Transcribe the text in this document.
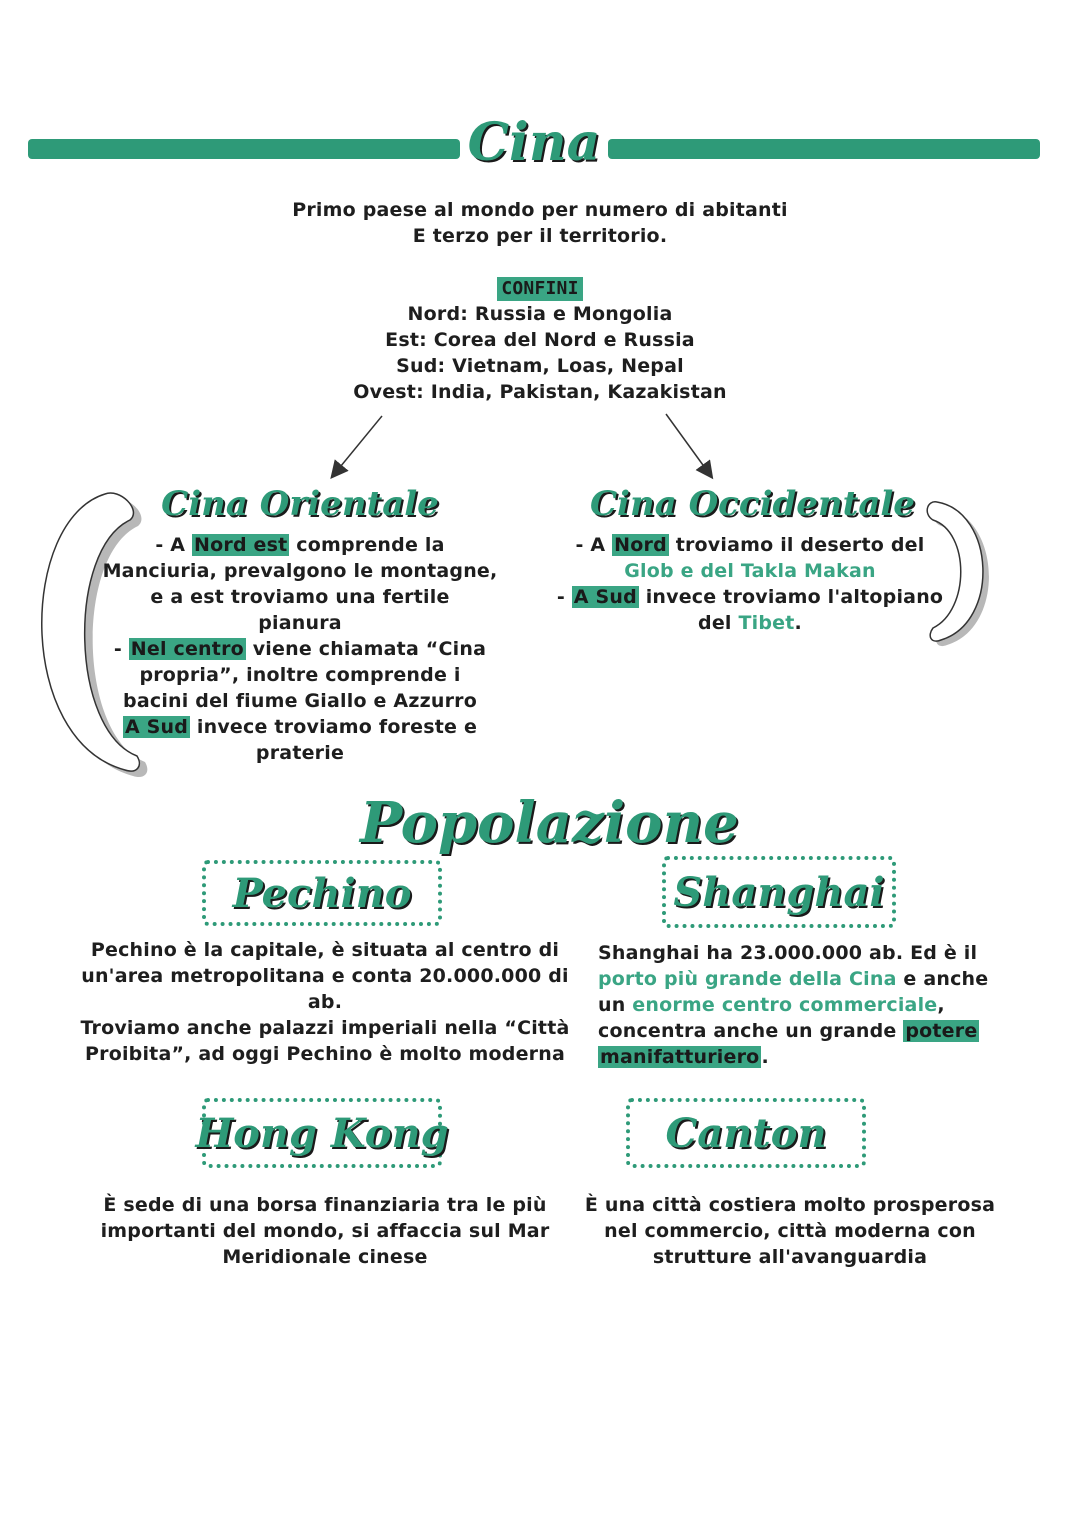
Cina
Primo paese al mondo per numero di abitanti
E terzo per il territorio.
CONFINI
Nord: Russia e Mongolia
Est: Corea del Nord e Russia
Sud: Vietnam, Loas, Nepal
Ovest: India, Pakistan, Kazakistan
Cina Orientale
- A Nord est comprende la
Manciuria, prevalgono le montagne,
e a est troviamo una fertile
pianura
- Nel centro viene chiamata “Cina
propria”, inoltre comprende i
bacini del fiume Giallo e Azzurro
A Sud invece troviamo foreste e
praterie
Cina Occidentale
- A Nord troviamo il deserto del
Glob e del Takla Makan
- A Sud invece troviamo l'altopiano
del Tibet.
Popolazione
Pechino
Pechino è la capitale, è situata al centro di
un'area metropolitana e conta 20.000.000 di
ab.
Troviamo anche palazzi imperiali nella “Città
Proibita”, ad oggi Pechino è molto moderna
Shanghai
Shanghai ha 23.000.000 ab. Ed è il
porto più grande della Cina e anche
un enorme centro commerciale,
concentra anche un grande potere
manifatturiero .
Hong Kong
È sede di una borsa finanziaria tra le più
importanti del mondo, si affaccia sul Mar
Meridionale cinese
Canton
È una città costiera molto prosperosa
nel commercio, città moderna con
strutture all'avanguardia
